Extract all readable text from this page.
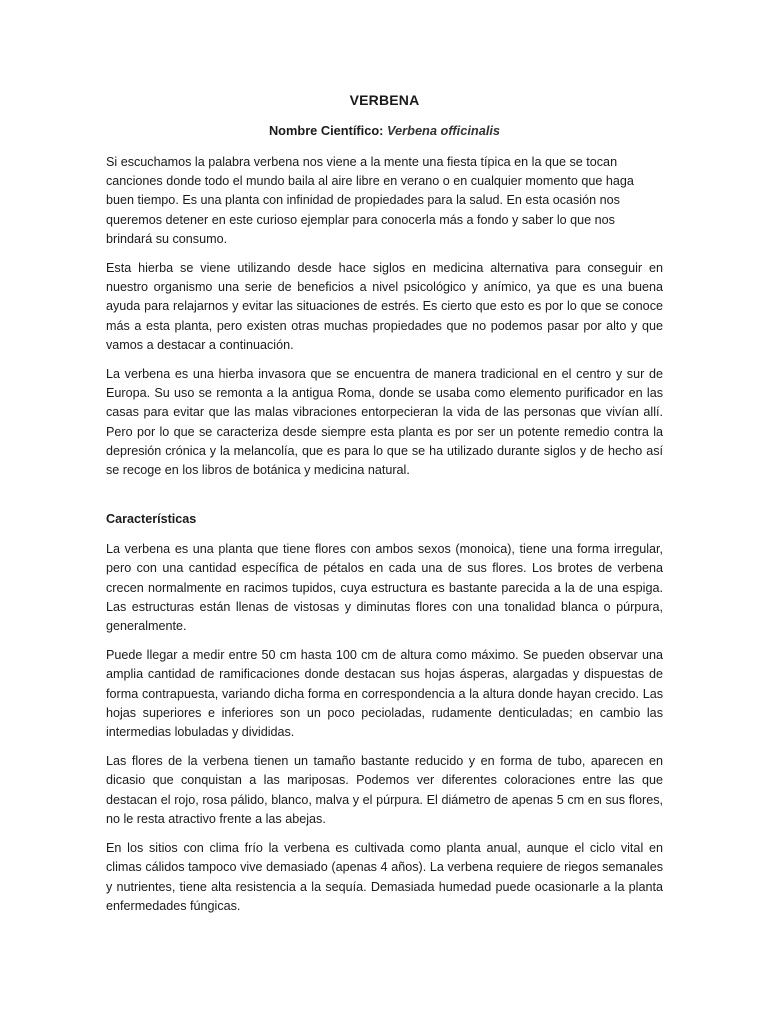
VERBENA
Nombre Científico: Verbena officinalis

Si escuchamos la palabra verbena nos viene a la mente una fiesta típica en la que se tocan canciones donde todo el mundo baila al aire libre en verano o en cualquier momento que haga buen tiempo. Es una planta con infinidad de propiedades para la salud. En esta ocasión nos queremos detener en este curioso ejemplar para conocerla más a fondo y saber lo que nos brindará su consumo.

Esta hierba se viene utilizando desde hace siglos en medicina alternativa para conseguir en nuestro organismo una serie de beneficios a nivel psicológico y anímico, ya que es una buena ayuda para relajarnos y evitar las situaciones de estrés. Es cierto que esto es por lo que se conoce más a esta planta, pero existen otras muchas propiedades que no podemos pasar por alto y que vamos a destacar a continuación.

La verbena es una hierba invasora que se encuentra de manera tradicional en el centro y sur de Europa. Su uso se remonta a la antigua Roma, donde se usaba como elemento purificador en las casas para evitar que las malas vibraciones entorpecieran la vida de las personas que vivían allí. Pero por lo que se caracteriza desde siempre esta planta es por ser un potente remedio contra la depresión crónica y la melancolía, que es para lo que se ha utilizado durante siglos y de hecho así se recoge en los libros de botánica y medicina natural.

Características

La verbena es una planta que tiene flores con ambos sexos (monoica), tiene una forma irregular, pero con una cantidad específica de pétalos en cada una de sus flores. Los brotes de verbena crecen normalmente en racimos tupidos, cuya estructura es bastante parecida a la de una espiga. Las estructuras están llenas de vistosas y diminutas flores con una tonalidad blanca o púrpura, generalmente.

Puede llegar a medir entre 50 cm hasta 100 cm de altura como máximo. Se pueden observar una amplia cantidad de ramificaciones donde destacan sus hojas ásperas, alargadas y dispuestas de forma contrapuesta, variando dicha forma en correspondencia a la altura donde hayan crecido. Las hojas superiores e inferiores son un poco pecioladas, rudamente denticuladas; en cambio las intermedias lobuladas y divididas.

Las flores de la verbena tienen un tamaño bastante reducido y en forma de tubo, aparecen en dicasio que conquistan a las mariposas. Podemos ver diferentes coloraciones entre las que destacan el rojo, rosa pálido, blanco, malva y el púrpura. El diámetro de apenas 5 cm en sus flores, no le resta atractivo frente a las abejas.

En los sitios con clima frío la verbena es cultivada como planta anual, aunque el ciclo vital en climas cálidos tampoco vive demasiado (apenas 4 años). La verbena requiere de riegos semanales y nutrientes, tiene alta resistencia a la sequía. Demasiada humedad puede ocasionarle a la planta enfermedades fúngicas.
